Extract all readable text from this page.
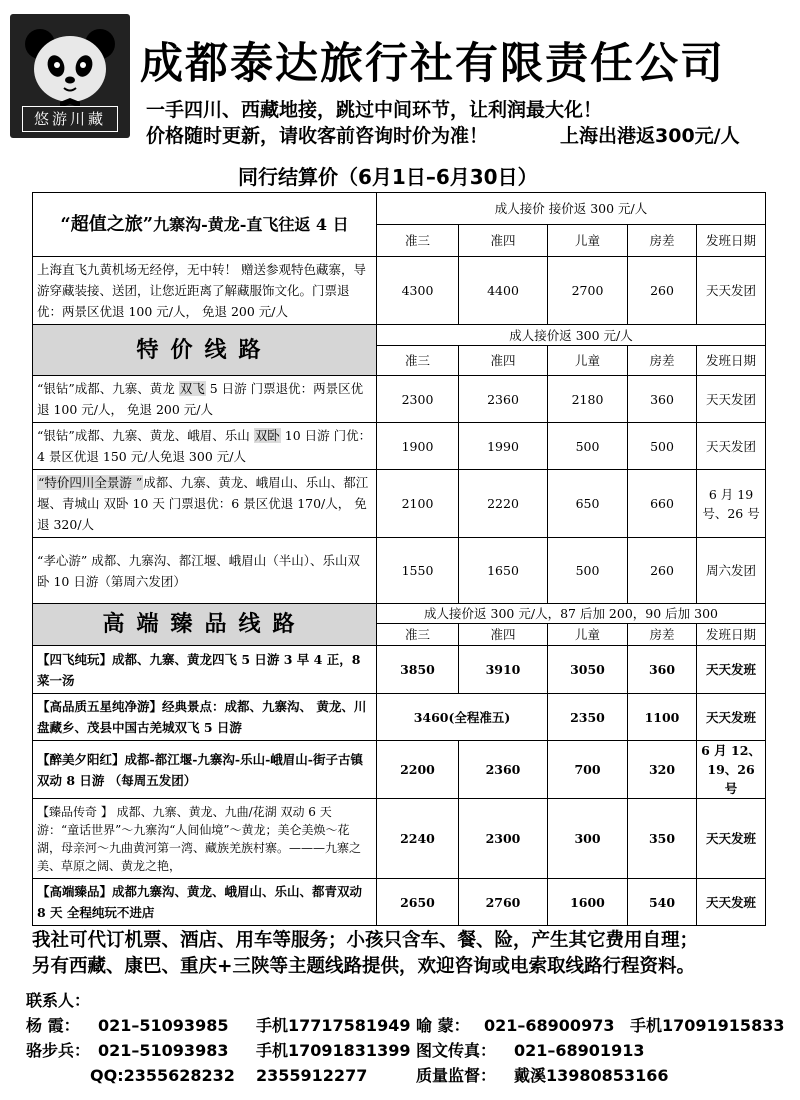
悠游川藏
成都泰达旅行社有限责任公司
一手四川、西藏地接，跳过中间环节，让利润最大化！
价格随时更新，请收客前咨询时价为准！	上海出港返300元/人
同行结算价（6月1日–6月30日）
“超值之旅”九寨沟-黄龙-直飞往返 4 日	成人接价 接价返 300 元/人				
	准三	准四	儿童	房差	发班日期
上海直飞九黄机场无经停，无中转！ 赠送参观特色藏寨，导游穿藏装接、送团，让您近距离了解藏服饰文化。门票退优：两景区优退 100 元/人， 免退 200 元/人	4300	4400	2700	260	天天发团
特价线路	成人接价返 300 元/人				
	准三	准四	儿童	房差	发班日期
“银钻”成都、九寨、黄龙 双飞 5 日游 门票退优：两景区优退 100 元/人， 免退 200 元/人	2300	2360	2180	360	天天发团
“银钻”成都、九寨、黄龙、峨眉、乐山 双卧 10 日游 门优：4 景区优退 150 元/人免退 300 元/人	1900	1990	500	500	天天发团
“特价四川全景游 ”成都、九寨、黄龙、峨眉山、乐山、都江堰、青城山 双卧 10 天 门票退优：6 景区优退 170/人， 免退 320/人	2100	2220	650	660	6 月 19 号、26 号
“孝心游” 成都、九寨沟、都江堰、峨眉山（半山）、乐山双卧 10 日游（第周六发团）	1550	1650	500	260	周六发团
高端臻品线路	成人接价返 300 元/人，87 后加 200，90 后加 300				
	准三	准四	儿童	房差	发班日期
【四飞纯玩】成都、九寨、黄龙四飞 5 日游 3 早 4 正，8 菜一汤	3850	3910	3050	360	天天发班
【高品质五星纯净游】经典景点：成都、九寨沟、 黄龙、川盘藏乡、茂县中国古羌城双飞 5 日游	3460(全程准五)		2350	1100	天天发班
【醉美夕阳红】成都-都江堰-九寨沟-乐山-峨眉山-街子古镇 双动 8 日游 （每周五发团）	2200	2360	700	320	6 月 12、19、26 号
【臻品传奇 】 成都、九寨、黄龙、九曲/花湖 双动 6 天 游：“童话世界”～九寨沟“人间仙境”～黄龙；美仑美焕～花湖，母亲河～九曲黄河第一湾、藏族羌族村寨。———九寨之美、草原之阔、黄龙之艳，	2240	2300	300	350	天天发班
【高端臻品】成都九寨沟、黄龙、峨眉山、乐山、都青双动 8 天 全程纯玩不进店	2650	2760	1600	540	天天发班
我社可代订机票、酒店、用车等服务；小孩只含车、餐、险，产生其它费用自理；
另有西藏、康巴、重庆+三陕等主题线路提供，欢迎咨询或电索取线路行程资料。
联系人：
杨 霞： 021–51093985 手机17717581949 喻 蒙： 021–68900973 手机17091915833
骆步兵： 021–51093983 手机17091831399 图文传真： 021–68901913
QQ:2355628232 2355912277	质量监督： 戴溪13980853166
